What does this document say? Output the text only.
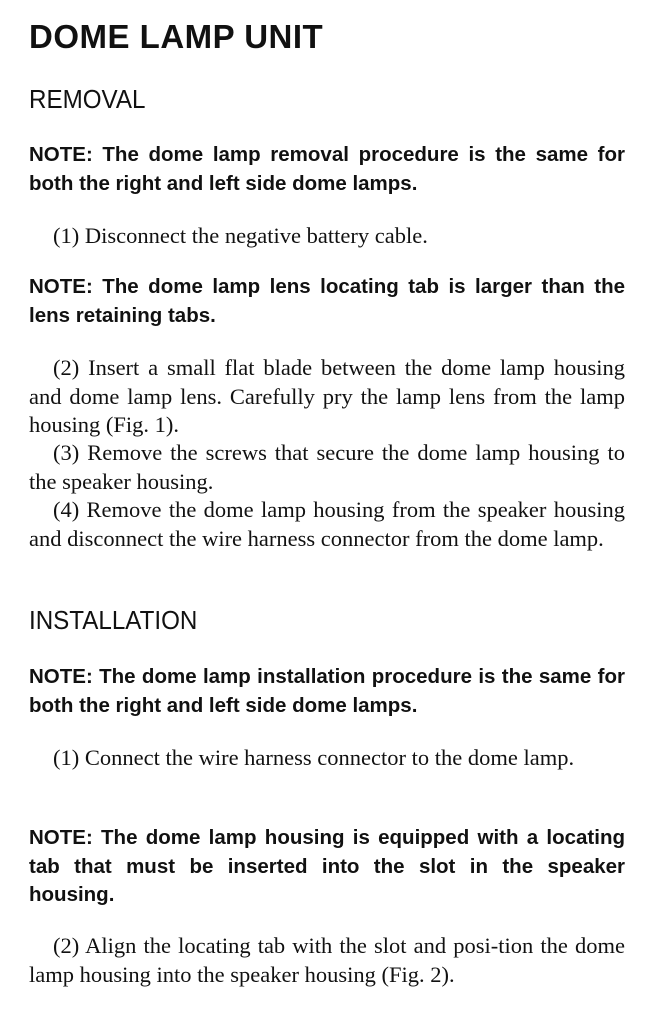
DOME LAMP UNIT
REMOVAL

NOTE: The dome lamp removal procedure is the same for both the right and left side dome lamps.

(1) Disconnect the negative battery cable.

NOTE: The dome lamp lens locating tab is larger than the lens retaining tabs.

(2) Insert a small flat blade between the dome lamp housing and dome lamp lens. Carefully pry the lamp lens from the lamp housing (Fig. 1).

(3) Remove the screws that secure the dome lamp housing to the speaker housing.

(4) Remove the dome lamp housing from the speaker housing and disconnect the wire harness connector from the dome lamp.

INSTALLATION

NOTE: The dome lamp installation procedure is the same for both the right and left side dome lamps.

(1) Connect the wire harness connector to the dome lamp.

NOTE: The dome lamp housing is equipped with a locating tab that must be inserted into the slot in the speaker housing.

(2) Align the locating tab with the slot and posi-tion the dome lamp housing into the speaker housing (Fig. 2).
